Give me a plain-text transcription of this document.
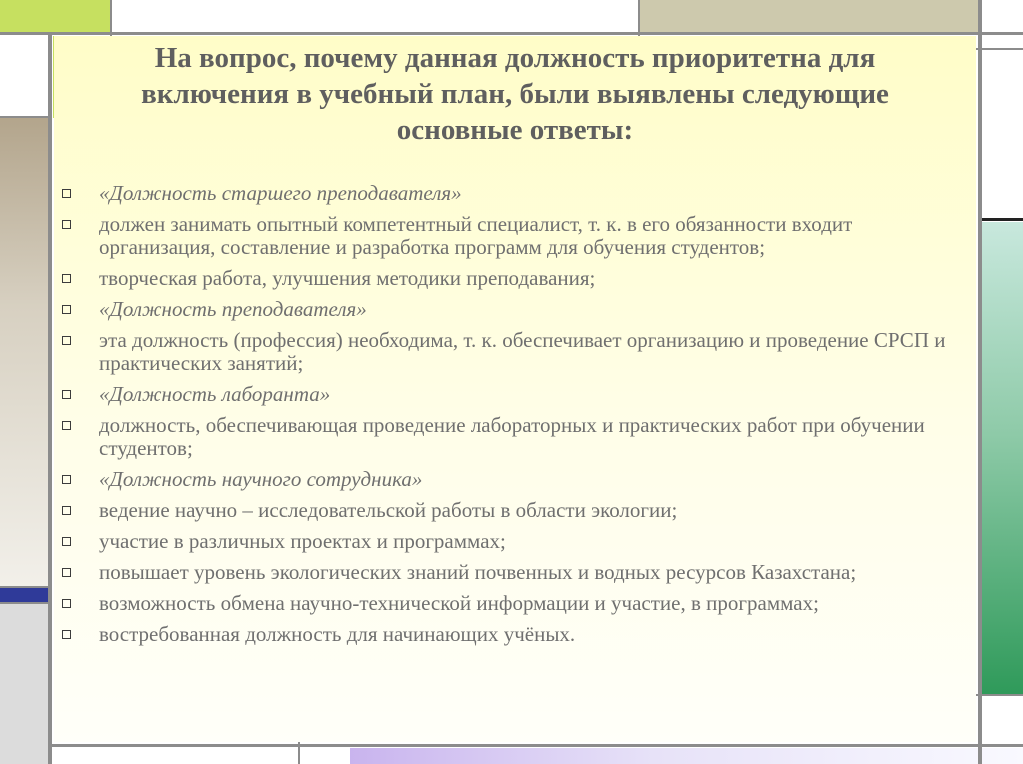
На вопрос, почему данная должность приоритетна для
включения в учебный план, были выявлены следующие
основные ответы:
«Должность старшего преподавателя»
должен занимать опытный компетентный специалист, т. к. в его обязанности входит организация, составление и разработка программ для обучения студентов;
творческая работа, улучшения методики преподавания;
«Должность преподавателя»
эта должность (профессия) необходима, т. к. обеспечивает организацию и проведение СРСП и практических занятий;
«Должность лаборанта»
должность, обеспечивающая проведение лабораторных и практических работ при обучении студентов;
«Должность научного сотрудника»
ведение научно – исследовательской работы в области экологии;
участие в различных проектах и программах;
повышает уровень экологических знаний почвенных и водных ресурсов Казахстана;
возможность обмена научно-технической информации и участие, в программах;
востребованная должность для начинающих учёных.
